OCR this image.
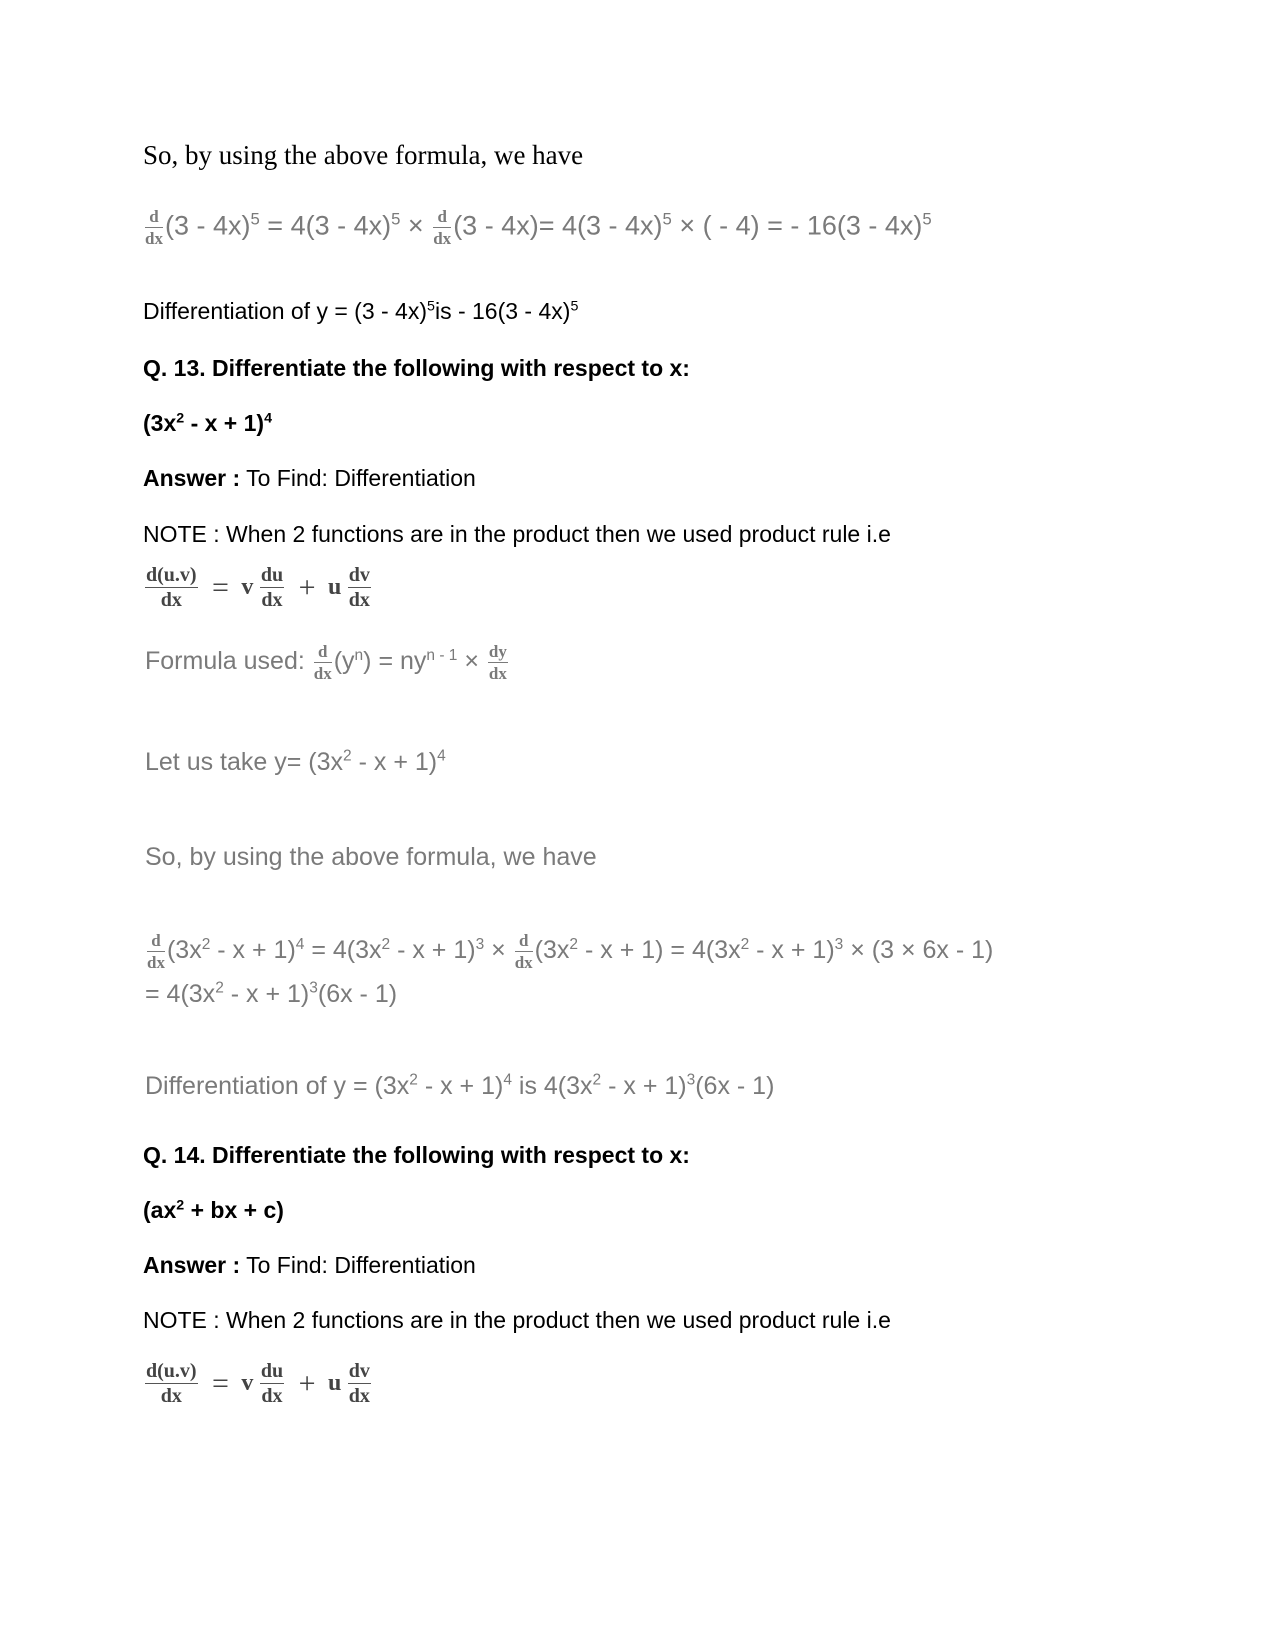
So, by using the above formula, we have
$\frac{d}{dx} (3 - 4x)^5 = 4(3 - 4x)^5 \times \frac{d}{dx} (3 - 4x)= 4(3 - 4x)^5$ × ( - 4) = - 16(3 - 4x)$^5$
Differentiation of y = (3 - 4x)$^5$is - 16(3 - 4x)$^5$
Q. 13. Differentiate the following with respect to x:
$(3x^2 - x + 1)^4$
Answer : To Find: Differentiation
NOTE : When 2 functions are in the product then we used product rule i.e
$\frac{d(u.v)}{dx} = v \frac{du}{dx} + u \frac{dv}{dx}$
Formula used: $\frac{d}{dx} (y^n) = ny^{n - 1} \times \frac{dy}{dx}$
Let us take $y= (3x^2 - x + 1)^4$
So, by using the above formula, we have
$\frac{d}{dx} (3x^2 - x + 1)^4 = 4(3x^2 - x + 1)^3 \times \frac{d}{dx} (3x^2 - x + 1) = 4(3x^2 - x + 1)^3 \times (3 \times 6x - 1)$
= $4(3x^2 - x + 1)^3(6x - 1)$
Differentiation of $y = (3x^2 - x + 1)^4$ is $4(3x^2 - x + 1)^3(6x - 1)$
Q. 14. Differentiate the following with respect to x:
($ax^2$ + bx + c)
Answer : To Find: Differentiation
NOTE : When 2 functions are in the product then we used product rule i.e
$\frac{d(u.v)}{dx} = v \frac{du}{dx} + u \frac{dv}{dx}$
